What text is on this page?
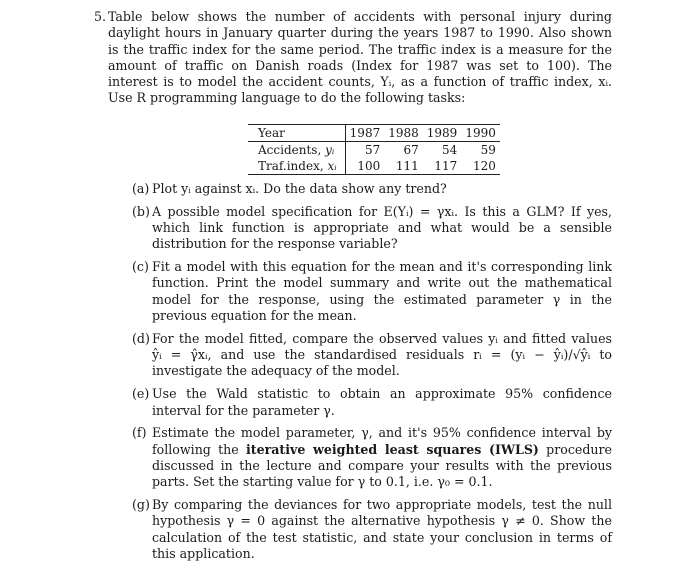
5. Table below shows the number of accidents with personal injury during daylight hours in January quarter during the years 1987 to 1990. Also shown is the traffic index for the same period. The traffic index is a measure for the amount of traffic on Danish roads (Index for 1987 was set to 100). The interest is to model the accident counts, Yᵢ, as a function of traffic index, xᵢ. Use R programming language to do the following tasks:

Year	1987	1988	1989	1990
Accidents, yᵢ	57	67	54	59
Traf.index, xᵢ	100	111	117	120
(a) Plot yᵢ against xᵢ. Do the data show any trend?

(b) A possible model specification for E(Yᵢ) = γxᵢ. Is this a GLM? If yes, which link function is appropriate and what would be a sensible distribution for the response variable?

(c) Fit a model with this equation for the mean and it's corresponding link function. Print the model summary and write out the mathematical model for the response, using the estimated parameter γ in the previous equation for the mean.

(d) For the model fitted, compare the observed values yᵢ and fitted values ŷᵢ = γ̂xᵢ, and use the standardised residuals rᵢ = (yᵢ − ŷᵢ)/√ŷᵢ to investigate the adequacy of the model.

(e) Use the Wald statistic to obtain an approximate 95% confidence interval for the parameter γ.

(f) Estimate the model parameter, γ, and it's 95% confidence interval by following the iterative weighted least squares (IWLS) procedure discussed in the lecture and compare your results with the previous parts. Set the starting value for γ to 0.1, i.e. γ₀ = 0.1.

(g) By comparing the deviances for two appropriate models, test the null hypothesis γ = 0 against the alternative hypothesis γ ≠ 0. Show the calculation of the test statistic, and state your conclusion in terms of this application.
